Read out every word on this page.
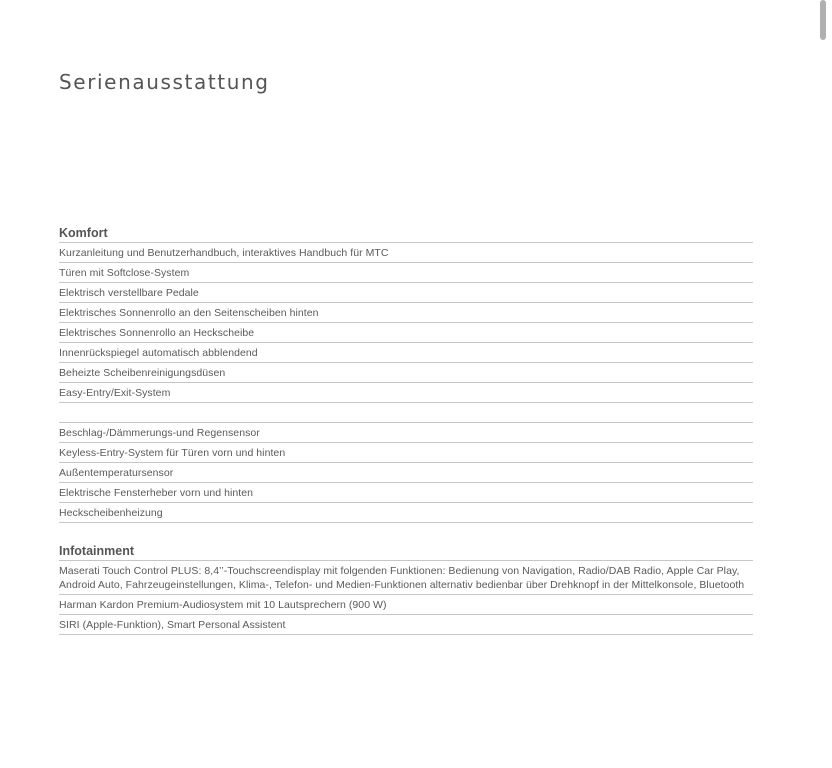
Serienausstattung
Komfort
Kurzanleitung und Benutzerhandbuch, interaktives Handbuch für MTC
Türen mit Softclose-System
Elektrisch verstellbare Pedale
Elektrisches Sonnenrollo an den Seitenscheiben hinten
Elektrisches Sonnenrollo an Heckscheibe
Innenrückspiegel automatisch abblendend
Beheizte Scheibenreinigungsdüsen
Easy-Entry/Exit-System
Beschlag-/Dämmerungs-und Regensensor
Keyless-Entry-System für Türen vorn und hinten
Außentemperatursensor
Elektrische Fensterheber vorn und hinten
Heckscheibenheizung
Infotainment
Maserati Touch Control PLUS: 8,4’’-Touchscreendisplay mit folgenden Funktionen: Bedienung von Navigation, Radio/DAB Radio, Apple Car Play, Android Auto, Fahrzeugeinstellungen, Klima-, Telefon- und Medien-Funktionen alternativ bedienbar über Drehknopf in der Mittelkonsole, Bluetooth
Harman Kardon Premium-Audiosystem mit 10 Lautsprechern (900 W)
SIRI (Apple-Funktion), Smart Personal Assistent
